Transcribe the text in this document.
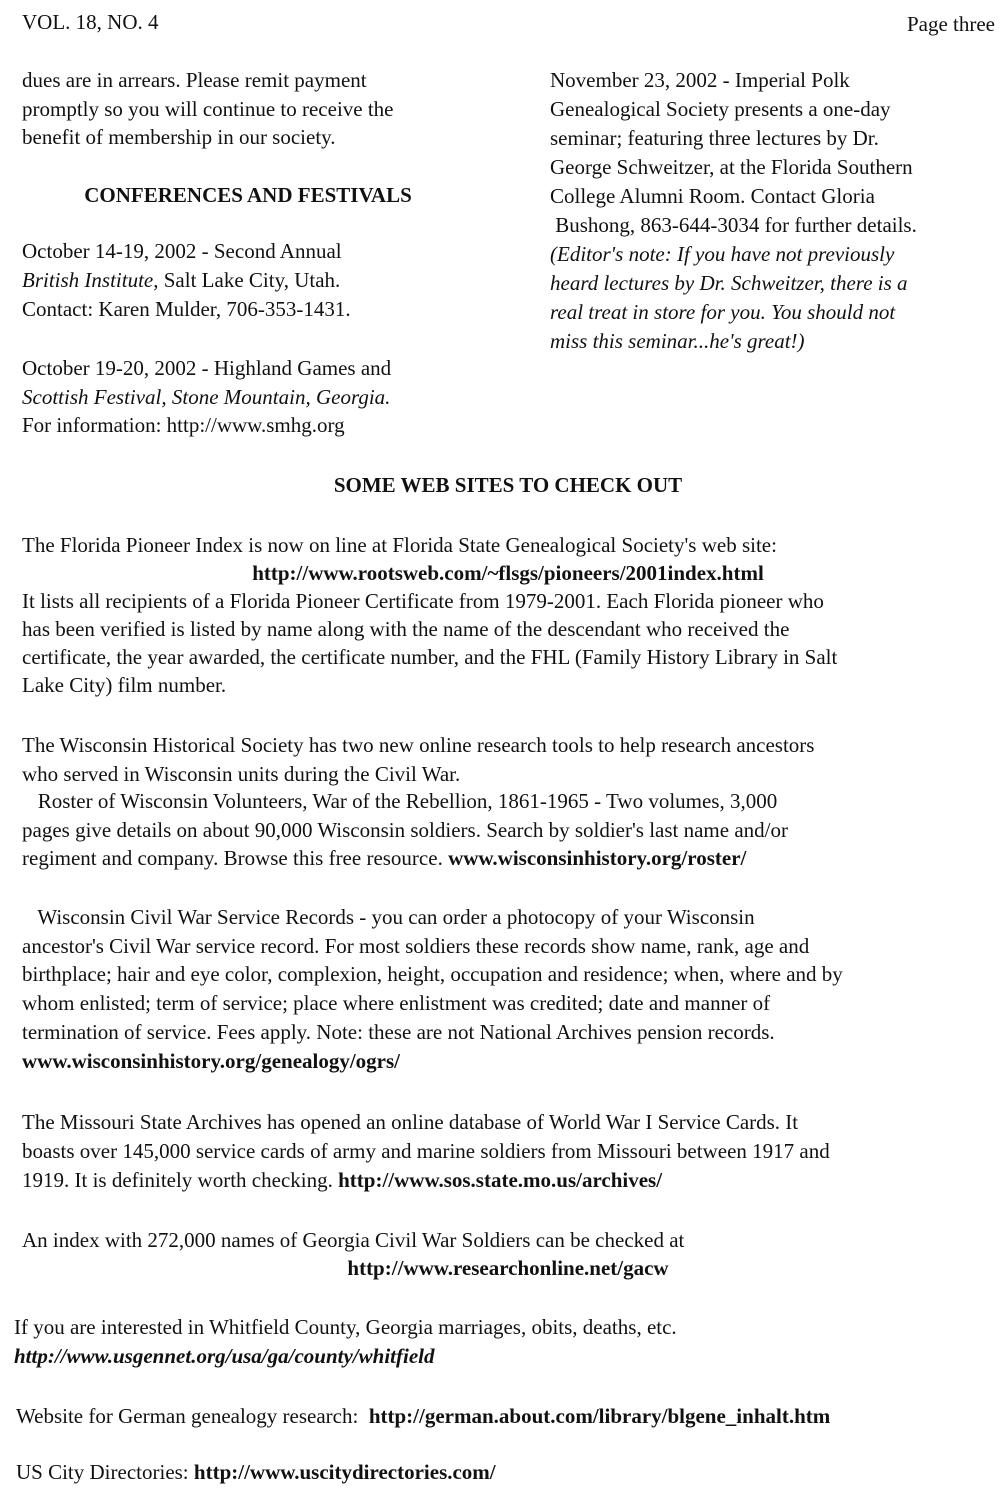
VOL. 18, NO. 4	Page three
dues are in arrears. Please remit payment
promptly so you will continue to receive the
benefit of membership in our society.
CONFERENCES AND FESTIVALS
October 14-19, 2002 - Second Annual
British Institute, Salt Lake City, Utah.
Contact: Karen Mulder, 706-353-1431.
October 19-20, 2002 - Highland Games and
Scottish Festival, Stone Mountain, Georgia.
For information: http://www.smhg.org
November 23, 2002 - Imperial Polk
Genealogical Society presents a one-day
seminar; featuring three lectures by Dr.
George Schweitzer, at the Florida Southern
College Alumni Room. Contact Gloria
Bushong, 863-644-3034 for further details.
(Editor's note: If you have not previously
heard lectures by Dr. Schweitzer, there is a
real treat in store for you. You should not
miss this seminar...he's great!)
SOME WEB SITES TO CHECK OUT
The Florida Pioneer Index is now on line at Florida State Genealogical Society's web site:
http://www.rootsweb.com/~flsgs/pioneers/2001index.html
It lists all recipients of a Florida Pioneer Certificate from 1979-2001. Each Florida pioneer who
has been verified is listed by name along with the name of the descendant who received the
certificate, the year awarded, the certificate number, and the FHL (Family History Library in Salt
Lake City) film number.
The Wisconsin Historical Society has two new online research tools to help research ancestors
who served in Wisconsin units during the Civil War.
Roster of Wisconsin Volunteers, War of the Rebellion, 1861-1965 - Two volumes, 3,000
pages give details on about 90,000 Wisconsin soldiers. Search by soldier's last name and/or
regiment and company. Browse this free resource. www.wisconsinhistory.org/roster/
Wisconsin Civil War Service Records - you can order a photocopy of your Wisconsin
ancestor's Civil War service record. For most soldiers these records show name, rank, age and
birthplace; hair and eye color, complexion, height, occupation and residence; when, where and by
whom enlisted; term of service; place where enlistment was credited; date and manner of
termination of service. Fees apply. Note: these are not National Archives pension records.
www.wisconsinhistory.org/genealogy/ogrs/
The Missouri State Archives has opened an online database of World War I Service Cards. It
boasts over 145,000 service cards of army and marine soldiers from Missouri between 1917 and
1919. It is definitely worth checking. http://www.sos.state.mo.us/archives/
An index with 272,000 names of Georgia Civil War Soldiers can be checked at
http://www.researchonline.net/gacw
If you are interested in Whitfield County, Georgia marriages, obits, deaths, etc.
http://www.usgennet.org/usa/ga/county/whitfield
Website for German genealogy research:  http://german.about.com/library/blgene_inhalt.htm
US City Directories: http://www.uscitydirectories.com/
